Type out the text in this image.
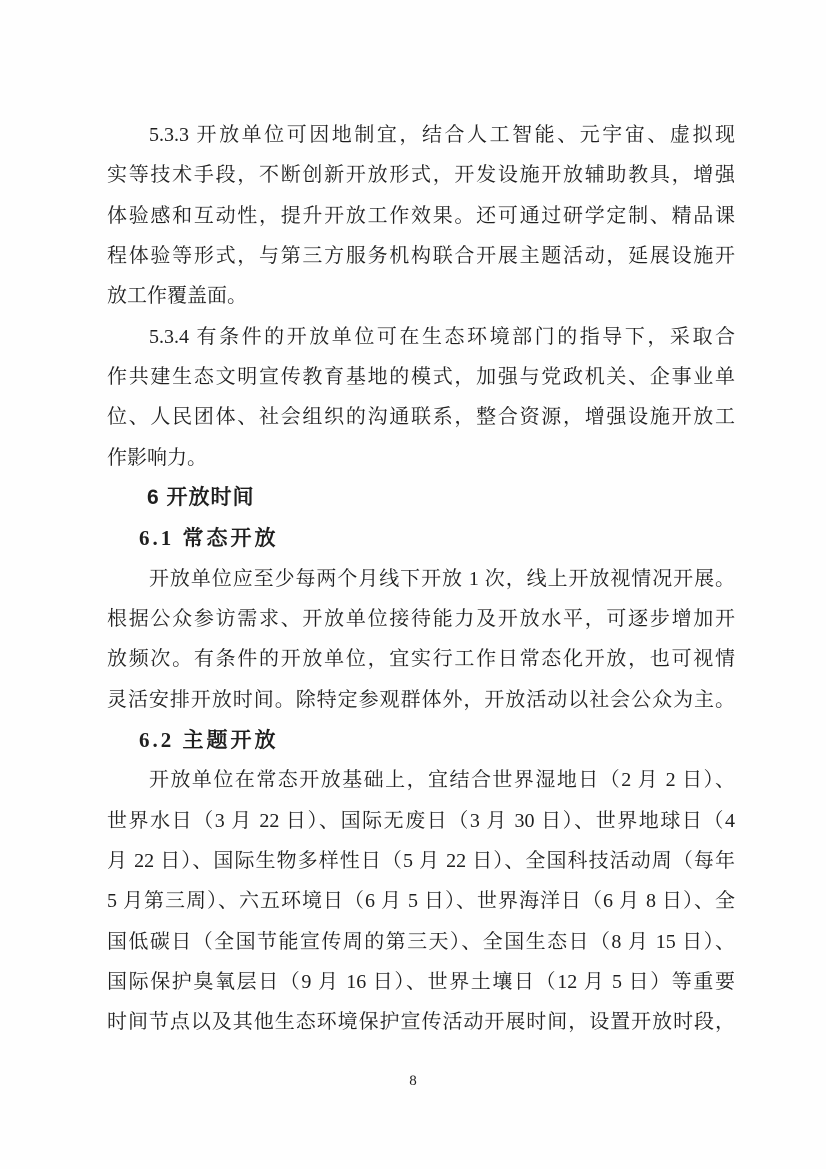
5.3.3 开放单位可因地制宜，结合人工智能、元宇宙、虚拟现
实等技术手段，不断创新开放形式，开发设施开放辅助教具，增强
体验感和互动性，提升开放工作效果。还可通过研学定制、精品课
程体验等形式，与第三方服务机构联合开展主题活动，延展设施开
放工作覆盖面。
5.3.4 有条件的开放单位可在生态环境部门的指导下，采取合
作共建生态文明宣传教育基地的模式，加强与党政机关、企事业单
位、人民团体、社会组织的沟通联系，整合资源，增强设施开放工
作影响力。
6 开放时间
6.1 常态开放
开放单位应至少每两个月线下开放 1 次，线上开放视情况开展。
根据公众参访需求、开放单位接待能力及开放水平，可逐步增加开
放频次。有条件的开放单位，宜实行工作日常态化开放，也可视情
灵活安排开放时间。除特定参观群体外，开放活动以社会公众为主。
6.2 主题开放
开放单位在常态开放基础上，宜结合世界湿地日（2 月 2 日）、
世界水日（3 月 22 日）、国际无废日（3 月 30 日）、世界地球日（4
月 22 日）、国际生物多样性日（5 月 22 日）、全国科技活动周（每年
5 月第三周）、六五环境日（6 月 5 日）、世界海洋日（6 月 8 日）、全
国低碳日（全国节能宣传周的第三天）、全国生态日（8 月 15 日）、
国际保护臭氧层日（9 月 16 日）、世界土壤日（12 月 5 日）等重要
时间节点以及其他生态环境保护宣传活动开展时间，设置开放时段，
8
